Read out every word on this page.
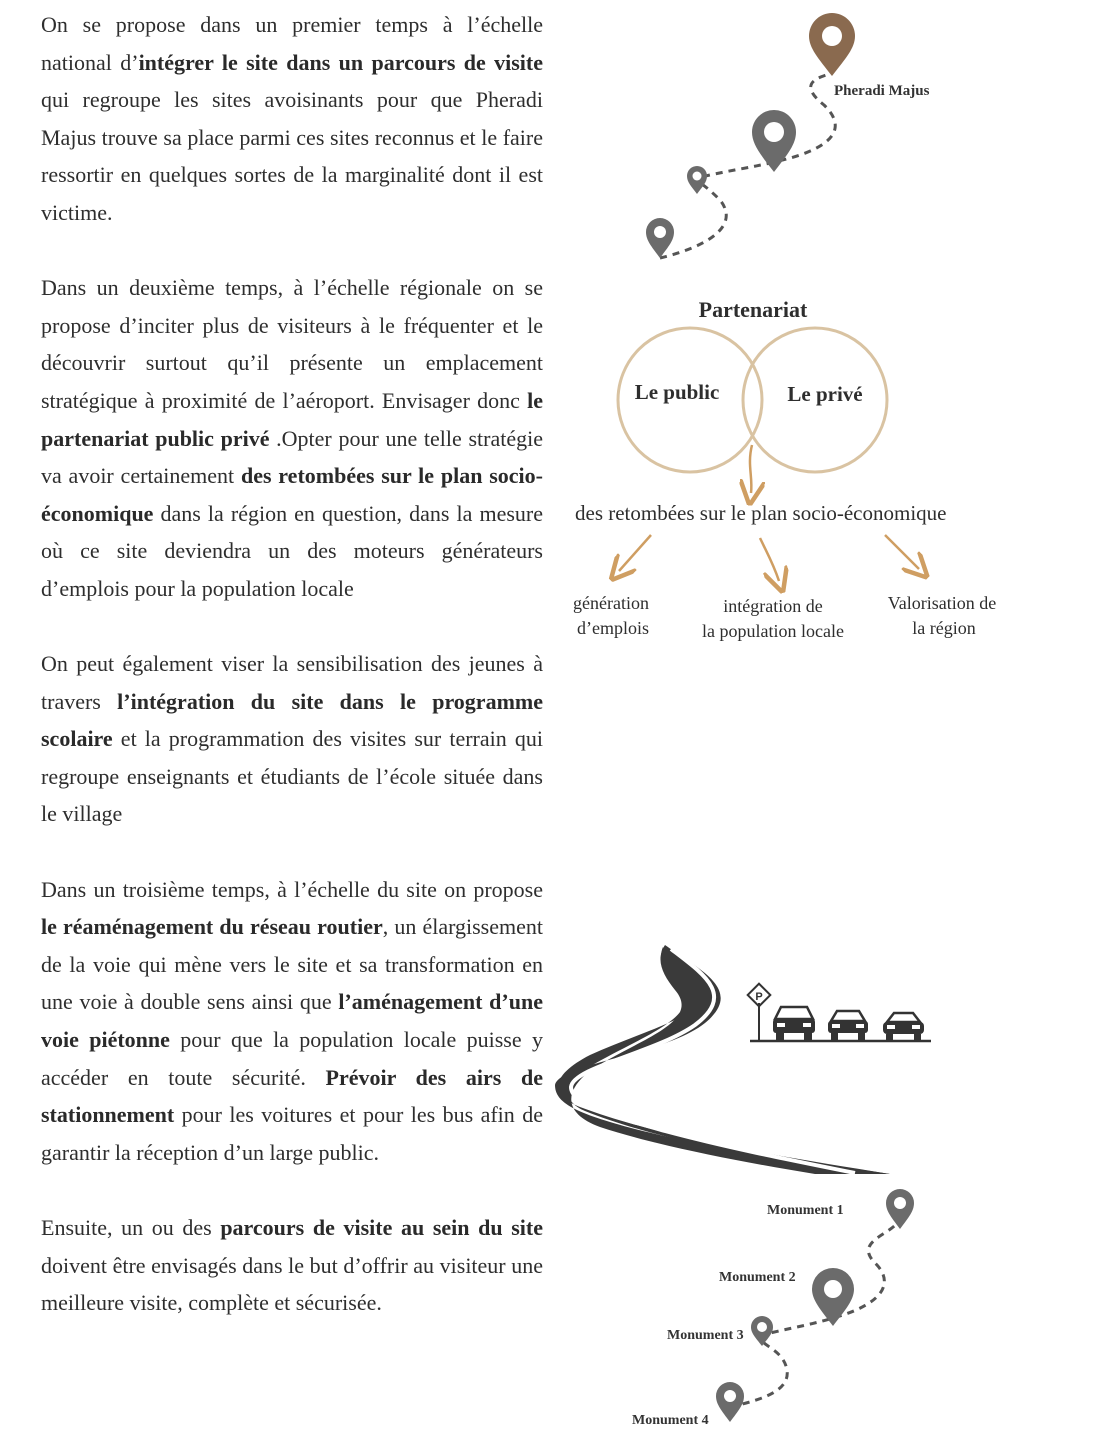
On se propose dans un premier temps à l’échelle national d’intégrer le site dans un parcours de visite qui regroupe les sites avoisinants pour que Pheradi Majus trouve sa place parmi ces sites reconnus et le faire ressortir en quelques sortes de la marginalité dont il est victime.

Dans un deuxième temps, à l’échelle régionale on se propose d’inciter plus de visiteurs à le fréquenter et le découvrir surtout qu’il présente un emplacement stratégique à proximité de l’aéroport. Envisager donc le partenariat public privé .Opter pour une telle stratégie va avoir certainement des retombées sur le plan socio-économique dans la région en question, dans la mesure où ce site deviendra un des moteurs générateurs d’emplois pour la population locale

On peut également viser la sensibilisation des jeunes à travers l’intégration du site dans le programme scolaire et la programmation des visites sur terrain qui regroupe enseignants et étudiants de l’école située dans le village

Dans un troisième temps, à l’échelle du site on propose le réaménagement du réseau routier, un élargissement de la voie qui mène vers le site et sa transformation en une voie à double sens ainsi que l’aménagement d’une voie piétonne pour que la population locale puisse y accéder en toute sécurité. Prévoir des airs de stationnement pour les voitures et pour les bus afin de garantir la réception d’un large public.

Ensuite, un ou des parcours de visite au sein du site doivent être envisagés dans le but d’offrir au visiteur une meilleure visite, complète et sécurisée.

Pheradi Majus
Partenariat
Le public	Le privé
des retombées sur le plan socio-économique
génération
d’emplois
intégration de
la population locale
Valorisation de
la région
P
Monument 1
Monument 2
Monument 3
Monument 4
